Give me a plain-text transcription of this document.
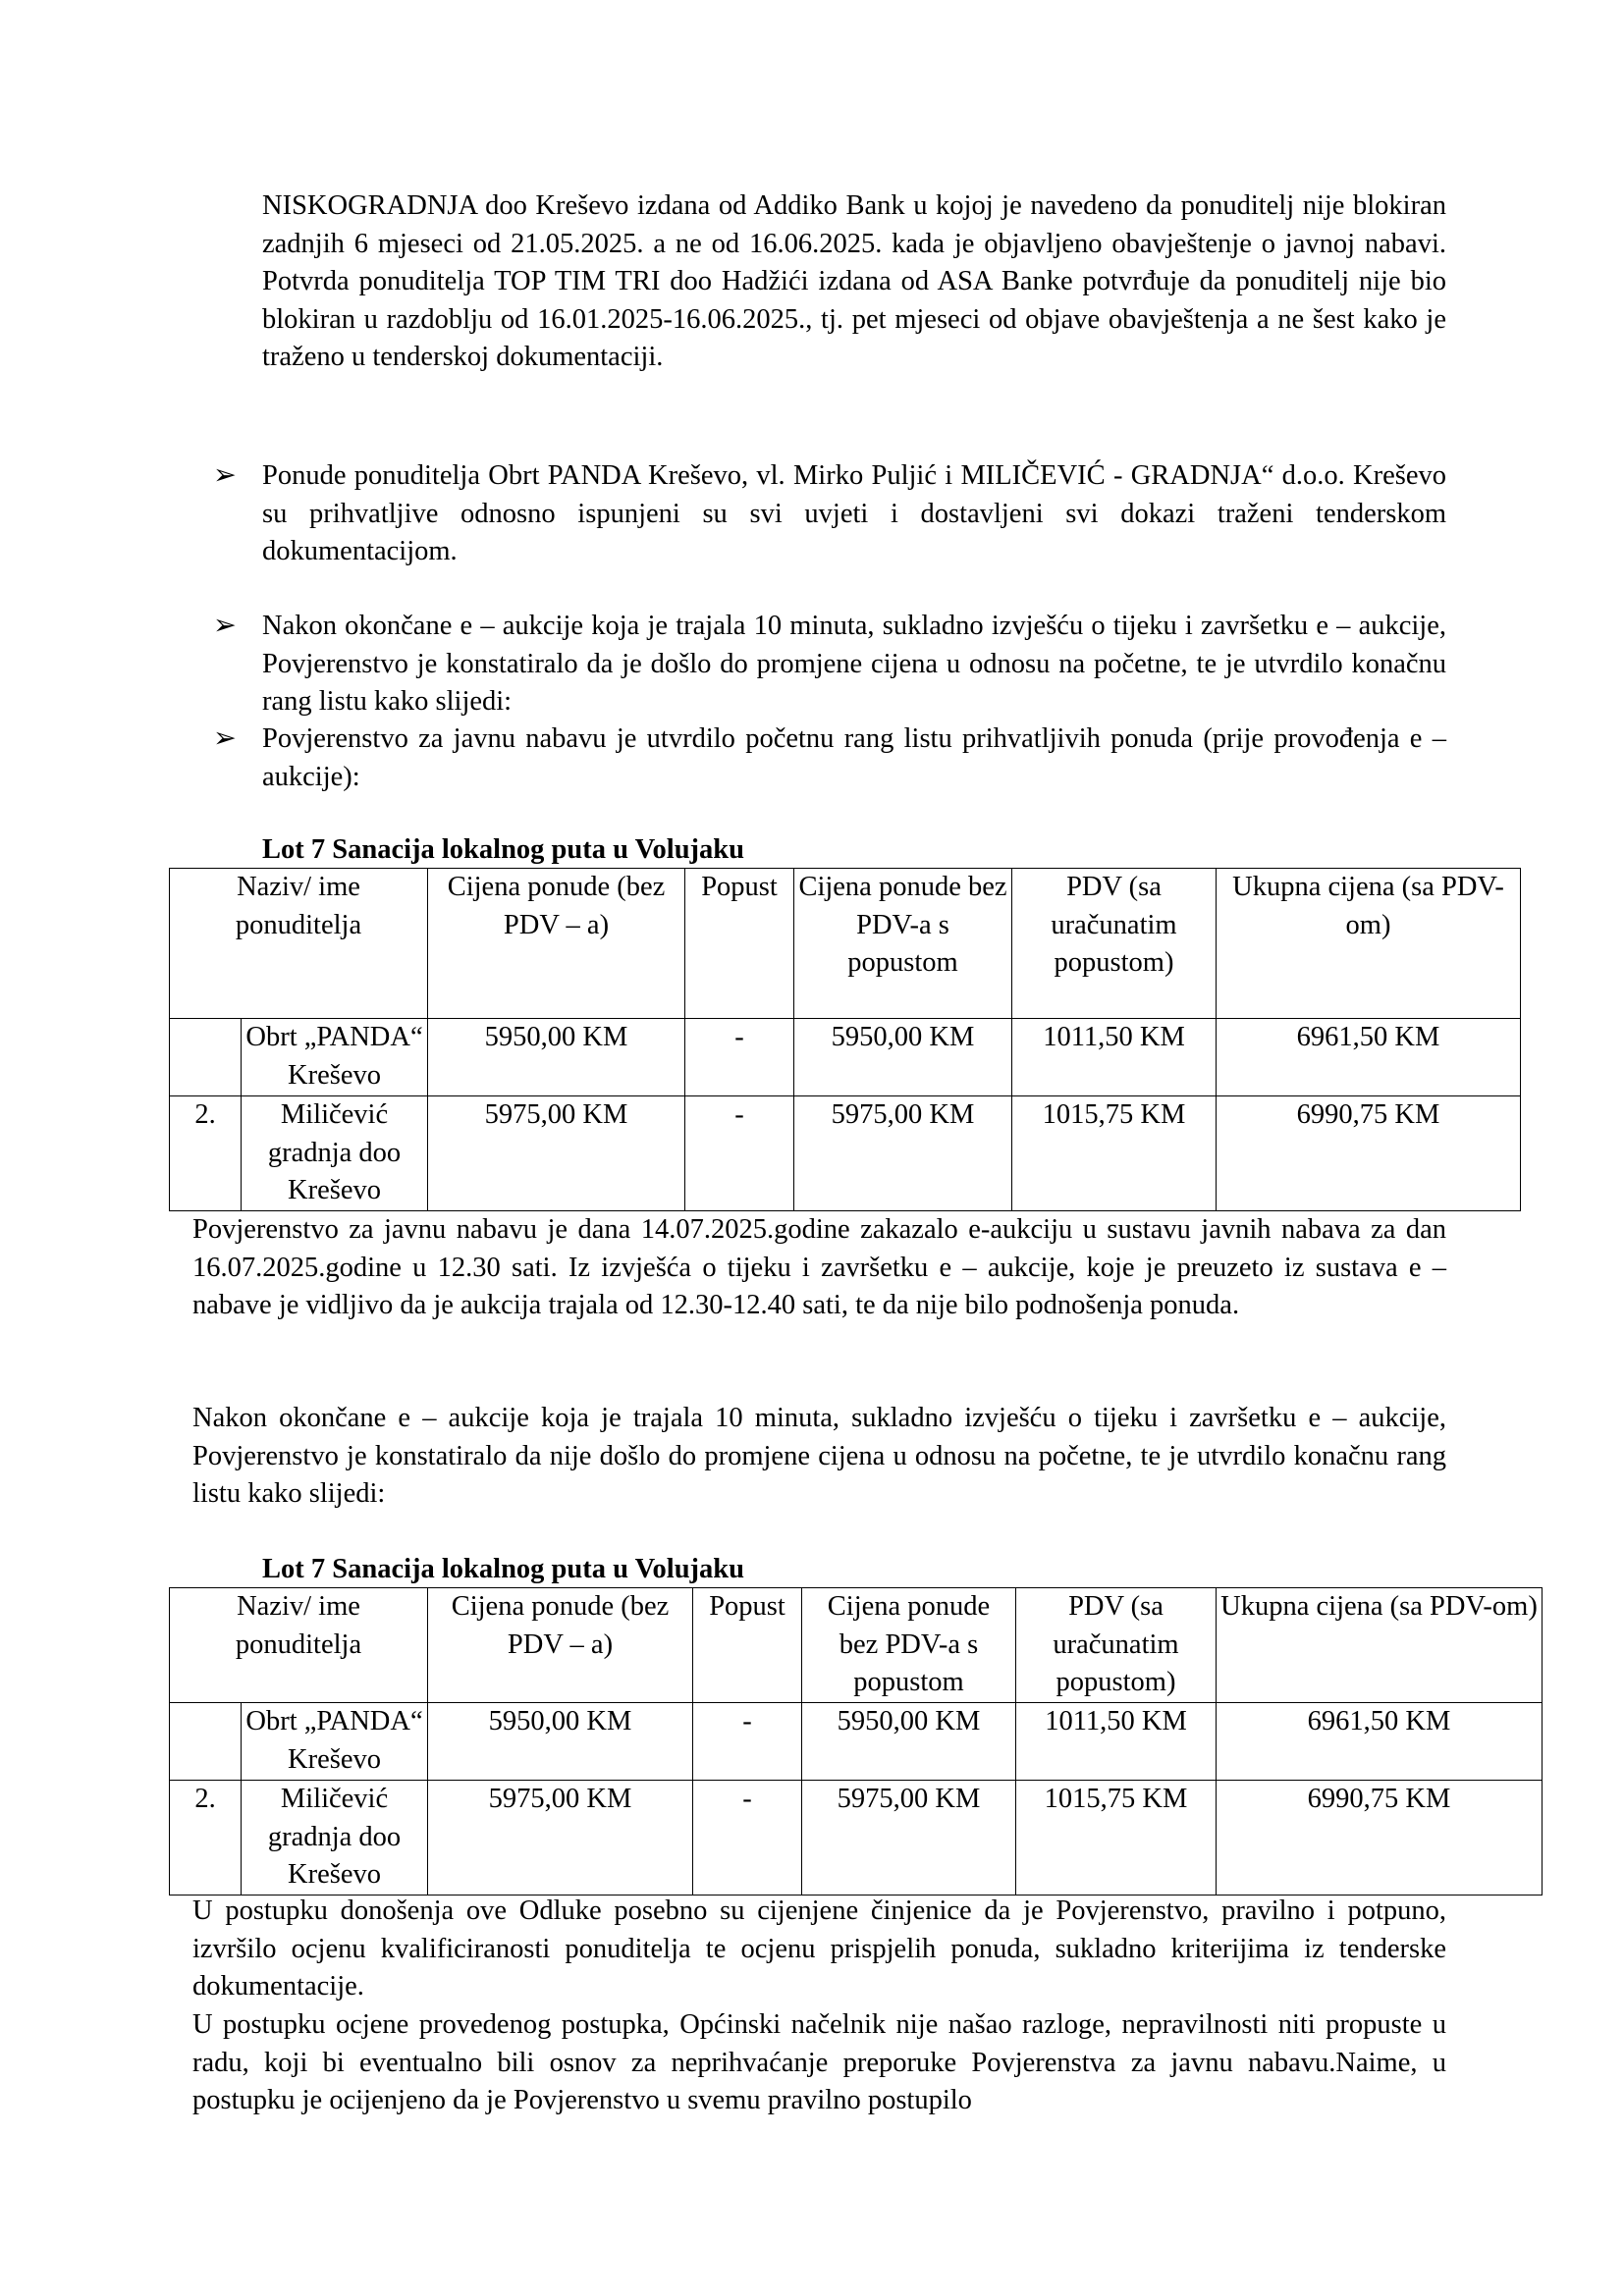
NISKOGRADNJA doo Kreševo izdana od Addiko Bank u kojoj je navedeno da ponuditelj nije blokiran zadnjih 6 mjeseci od 21.05.2025. a ne od 16.06.2025. kada je objavljeno obavještenje o javnoj nabavi. Potvrda ponuditelja TOP TIM TRI doo Hadžići izdana od ASA Banke potvrđuje da ponuditelj nije bio blokiran u razdoblju od 16.01.2025-16.06.2025., tj. pet mjeseci od objave obavještenja a ne šest kako je traženo u tenderskoj dokumentaciji.

➢ Ponude ponuditelja Obrt PANDA Kreševo, vl. Mirko Puljić i MILIČEVIĆ - GRADNJA“ d.o.o. Kreševo su prihvatljive odnosno ispunjeni su svi uvjeti i dostavljeni svi dokazi traženi tenderskom dokumentacijom.

➢ Nakon okončane e – aukcije koja je trajala 10 minuta, sukladno izvješću o tijeku i završetku e – aukcije, Povjerenstvo je konstatiralo da je došlo do promjene cijena u odnosu na početne, te je utvrdilo konačnu rang listu kako slijedi:

➢ Povjerenstvo za javnu nabavu je utvrdilo početnu rang listu prihvatljivih ponuda (prije provođenja e – aukcije):

Lot 7 Sanacija lokalnog puta u Volujaku

Naziv/ ime ponuditelja		Cijena ponude (bez PDV – a)	Popust	Cijena ponude bez PDV-a s popustom	PDV (sa uračunatim popustom)	Ukupna cijena (sa PDV-om)
	Obrt „PANDA“ Kreševo	5950,00 KM	-	5950,00 KM	1011,50 KM	6961,50 KM
2.	Miličević gradnja doo Kreševo	5975,00 KM	-	5975,00 KM	1015,75 KM	6990,75 KM

Povjerenstvo za javnu nabavu je dana 14.07.2025.godine zakazalo e-aukciju u sustavu javnih nabava za dan 16.07.2025.godine u 12.30 sati. Iz izvješća o tijeku i završetku e – aukcije, koje je preuzeto iz sustava e – nabave je vidljivo da je aukcija trajala od 12.30-12.40 sati, te da nije bilo podnošenja ponuda.

Nakon okončane e – aukcije koja je trajala 10 minuta, sukladno izvješću o tijeku i završetku e – aukcije, Povjerenstvo je konstatiralo da nije došlo do promjene cijena u odnosu na početne, te je utvrdilo konačnu rang listu kako slijedi:

Lot 7 Sanacija lokalnog puta u Volujaku

Naziv/ ime ponuditelja		Cijena ponude (bez PDV – a)	Popust	Cijena ponude bez PDV-a s popustom	PDV (sa uračunatim popustom)	Ukupna cijena (sa PDV-om)
	Obrt „PANDA“ Kreševo	5950,00 KM	-	5950,00 KM	1011,50 KM	6961,50 KM
2.	Miličević gradnja doo Kreševo	5975,00 KM	-	5975,00 KM	1015,75 KM	6990,75 KM

U postupku donošenja ove Odluke posebno su cijenjene činjenice da je Povjerenstvo, pravilno i potpuno, izvršilo ocjenu kvalificiranosti ponuditelja te ocjenu prispjelih ponuda, sukladno kriterijima iz tenderske dokumentacije.

U postupku ocjene provedenog postupka, Općinski načelnik nije našao razloge, nepravilnosti niti propuste u radu, koji bi eventualno bili osnov za neprihvaćanje preporuke Povjerenstva za javnu nabavu.Naime, u postupku je ocijenjeno da je Povjerenstvo u svemu pravilno postupilo
